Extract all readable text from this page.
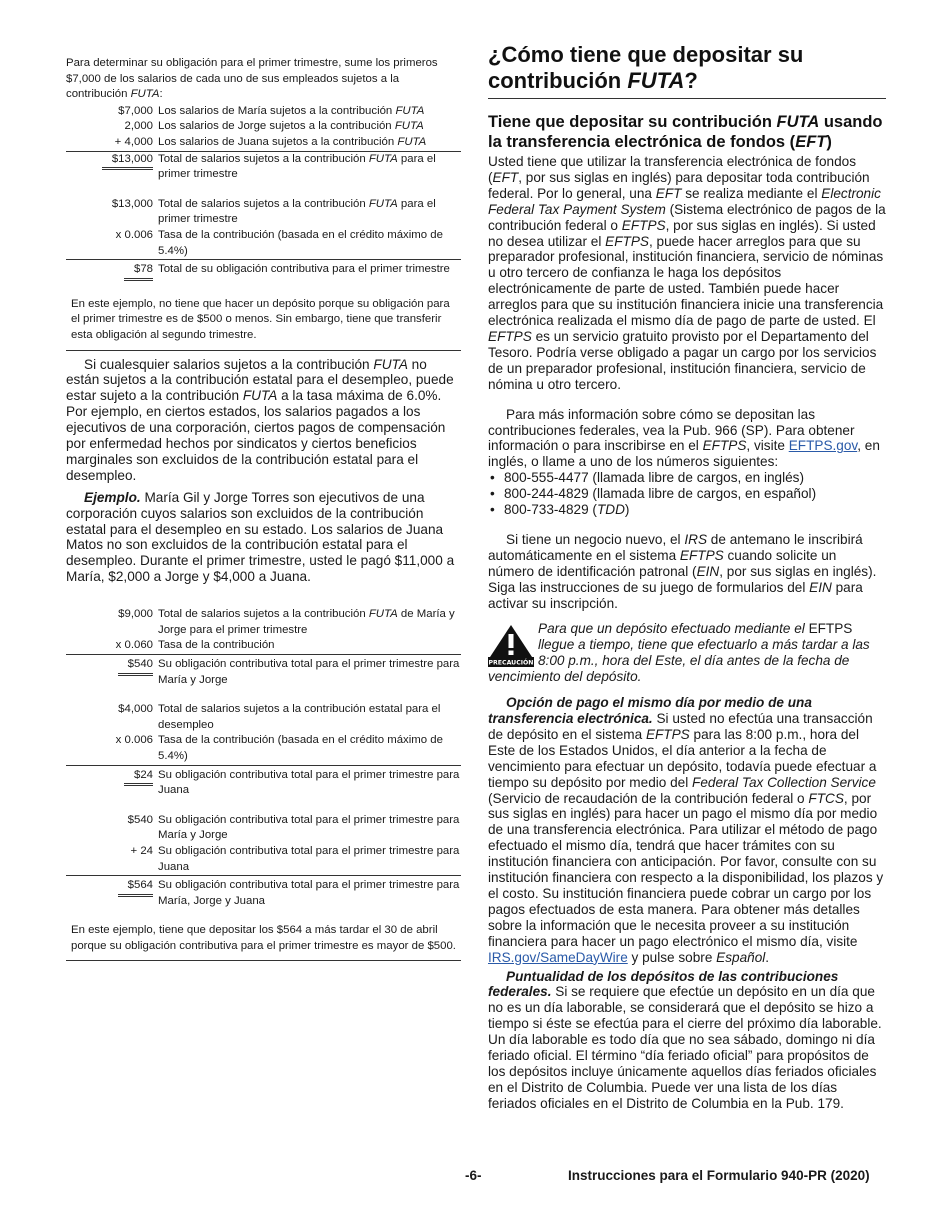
Para determinar su obligación para el primer trimestre, sume los primeros $7,000 de los salarios de cada uno de sus empleados sujetos a la contribución FUTA:

$7,000	Los salarios de María sujetos a la contribución FUTA
2,000	Los salarios de Jorge sujetos a la contribución FUTA
+ 4,000	Los salarios de Juana sujetos a la contribución FUTA
$13,000	Total de salarios sujetos a la contribución FUTA para el primer trimestre
$13,000	Total de salarios sujetos a la contribución FUTA para el primer trimestre
x 0.006	Tasa de la contribución (basada en el crédito máximo de 5.4%)
$78	Total de su obligación contributiva para el primer trimestre

En este ejemplo, no tiene que hacer un depósito porque su obligación para el primer trimestre es de $500 o menos. Sin embargo, tiene que transferir esta obligación al segundo trimestre.

Si cualesquier salarios sujetos a la contribución FUTA no están sujetos a la contribución estatal para el desempleo, puede estar sujeto a la contribución FUTA a la tasa máxima de 6.0%. Por ejemplo, en ciertos estados, los salarios pagados a los ejecutivos de una corporación, ciertos pagos de compensación por enfermedad hechos por sindicatos y ciertos beneficios marginales son excluidos de la contribución estatal para el desempleo.

Ejemplo. María Gil y Jorge Torres son ejecutivos de una corporación cuyos salarios son excluidos de la contribución estatal para el desempleo en su estado. Los salarios de Juana Matos no son excluidos de la contribución estatal para el desempleo. Durante el primer trimestre, usted le pagó $11,000 a María, $2,000 a Jorge y $4,000 a Juana.

$9,000	Total de salarios sujetos a la contribución FUTA de María y Jorge para el primer trimestre
x 0.060	Tasa de la contribución
$540	Su obligación contributiva total para el primer trimestre para María y Jorge
$4,000	Total de salarios sujetos a la contribución estatal para el desempleo
x 0.006	Tasa de la contribución (basada en el crédito máximo de 5.4%)
$24	Su obligación contributiva total para el primer trimestre para Juana
$540	Su obligación contributiva total para el primer trimestre para María y Jorge
+ 24	Su obligación contributiva total para el primer trimestre para Juana
$564	Su obligación contributiva total para el primer trimestre para María, Jorge y Juana

En este ejemplo, tiene que depositar los $564 a más tardar el 30 de abril porque su obligación contributiva para el primer trimestre es mayor de $500.

¿Cómo tiene que depositar su contribución FUTA?
Tiene que depositar su contribución FUTA usando la transferencia electrónica de fondos (EFT)

Usted tiene que utilizar la transferencia electrónica de fondos (EFT, por sus siglas en inglés) para depositar toda contribución federal. Por lo general, una EFT se realiza mediante el Electronic Federal Tax Payment System (Sistema electrónico de pagos de la contribución federal o EFTPS, por sus siglas en inglés). Si usted no desea utilizar el EFTPS, puede hacer arreglos para que su preparador profesional, institución financiera, servicio de nóminas u otro tercero de confianza le haga los depósitos electrónicamente de parte de usted. También puede hacer arreglos para que su institución financiera inicie una transferencia electrónica realizada el mismo día de pago de parte de usted. El EFTPS es un servicio gratuito provisto por el Departamento del Tesoro. Podría verse obligado a pagar un cargo por los servicios de un preparador profesional, institución financiera, servicio de nómina u otro tercero.

Para más información sobre cómo se depositan las contribuciones federales, vea la Pub. 966 (SP). Para obtener información o para inscribirse en el EFTPS, visite EFTPS.gov, en inglés, o llame a uno de los números siguientes:

• 800-555-4477 (llamada libre de cargos, en inglés)
• 800-244-4829 (llamada libre de cargos, en español)
• 800-733-4829 (TDD)

Si tiene un negocio nuevo, el IRS de antemano le inscribirá automáticamente en el sistema EFTPS cuando solicite un número de identificación patronal (EIN, por sus siglas en inglés). Siga las instrucciones de su juego de formularios del EIN para activar su inscripción.

PRECAUCIÓN
Para que un depósito efectuado mediante el EFTPS llegue a tiempo, tiene que efectuarlo a más tardar a las 8:00 p.m., hora del Este, el día antes de la fecha de vencimiento del depósito.

Opción de pago el mismo día por medio de una transferencia electrónica. Si usted no efectúa una transacción de depósito en el sistema EFTPS para las 8:00 p.m., hora del Este de los Estados Unidos, el día anterior a la fecha de vencimiento para efectuar un depósito, todavía puede efectuar a tiempo su depósito por medio del Federal Tax Collection Service (Servicio de recaudación de la contribución federal o FTCS, por sus siglas en inglés) para hacer un pago el mismo día por medio de una transferencia electrónica. Para utilizar el método de pago efectuado el mismo día, tendrá que hacer trámites con su institución financiera con anticipación. Por favor, consulte con su institución financiera con respecto a la disponibilidad, los plazos y el costo. Su institución financiera puede cobrar un cargo por los pagos efectuados de esta manera. Para obtener más detalles sobre la información que le necesita proveer a su institución financiera para hacer un pago electrónico el mismo día, visite IRS.gov/SameDayWire y pulse sobre Español.

Puntualidad de los depósitos de las contribuciones federales. Si se requiere que efectúe un depósito en un día que no es un día laborable, se considerará que el depósito se hizo a tiempo si éste se efectúa para el cierre del próximo día laborable. Un día laborable es todo día que no sea sábado, domingo ni día feriado oficial. El término “día feriado oficial” para propósitos de los depósitos incluye únicamente aquellos días feriados oficiales en el Distrito de Columbia. Puede ver una lista de los días feriados oficiales en el Distrito de Columbia en la Pub. 179.

-6-	Instrucciones para el Formulario 940-PR (2020)
